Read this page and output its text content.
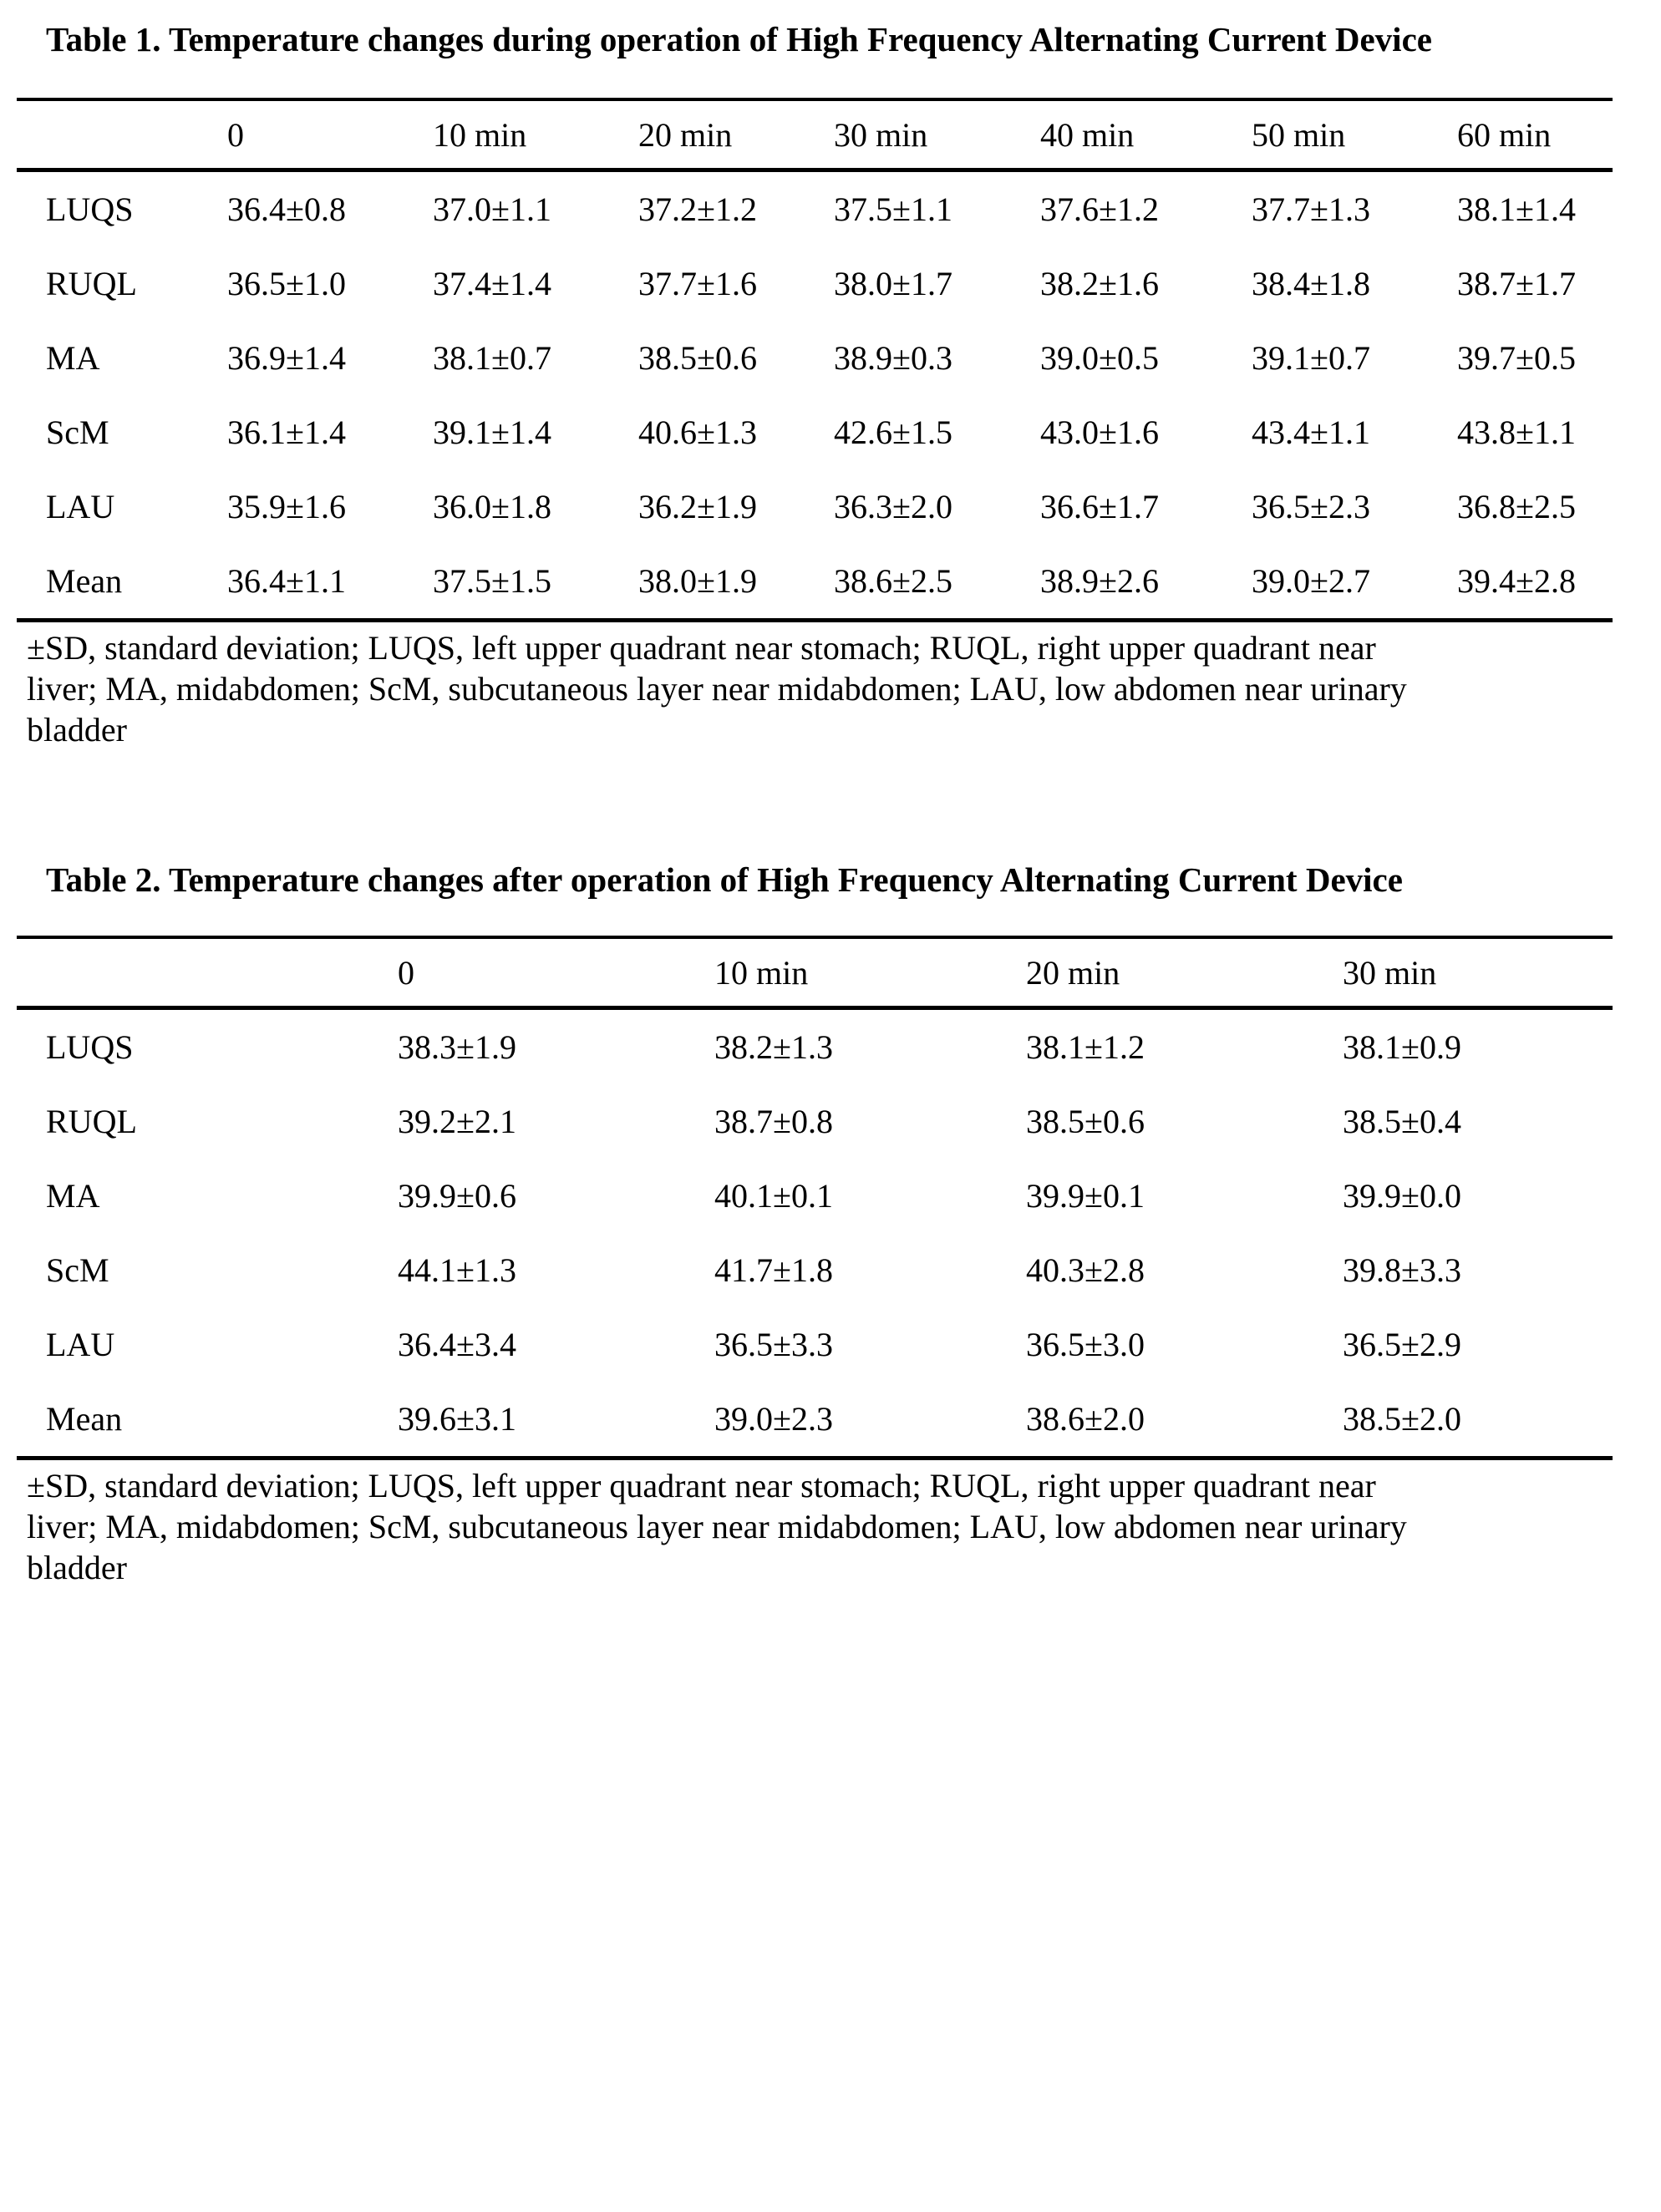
Table 1. Temperature changes during operation of High Frequency Alternating Current Device
	0	10 min	20 min	30 min	40 min	50 min	60 min
LUQS	36.4±0.8	37.0±1.1	37.2±1.2	37.5±1.1	37.6±1.2	37.7±1.3	38.1±1.4
RUQL	36.5±1.0	37.4±1.4	37.7±1.6	38.0±1.7	38.2±1.6	38.4±1.8	38.7±1.7
MA	36.9±1.4	38.1±0.7	38.5±0.6	38.9±0.3	39.0±0.5	39.1±0.7	39.7±0.5
ScM	36.1±1.4	39.1±1.4	40.6±1.3	42.6±1.5	43.0±1.6	43.4±1.1	43.8±1.1
LAU	35.9±1.6	36.0±1.8	36.2±1.9	36.3±2.0	36.6±1.7	36.5±2.3	36.8±2.5
Mean	36.4±1.1	37.5±1.5	38.0±1.9	38.6±2.5	38.9±2.6	39.0±2.7	39.4±2.8
±SD, standard deviation; LUQS, left upper quadrant near stomach; RUQL, right upper quadrant near
liver; MA, midabdomen; ScM, subcutaneous layer near midabdomen; LAU, low abdomen near urinary
bladder
Table 2. Temperature changes after operation of High Frequency Alternating Current Device
	0	10 min	20 min	30 min
LUQS	38.3±1.9	38.2±1.3	38.1±1.2	38.1±0.9
RUQL	39.2±2.1	38.7±0.8	38.5±0.6	38.5±0.4
MA	39.9±0.6	40.1±0.1	39.9±0.1	39.9±0.0
ScM	44.1±1.3	41.7±1.8	40.3±2.8	39.8±3.3
LAU	36.4±3.4	36.5±3.3	36.5±3.0	36.5±2.9
Mean	39.6±3.1	39.0±2.3	38.6±2.0	38.5±2.0
±SD, standard deviation; LUQS, left upper quadrant near stomach; RUQL, right upper quadrant near
liver; MA, midabdomen; ScM, subcutaneous layer near midabdomen; LAU, low abdomen near urinary
bladder
